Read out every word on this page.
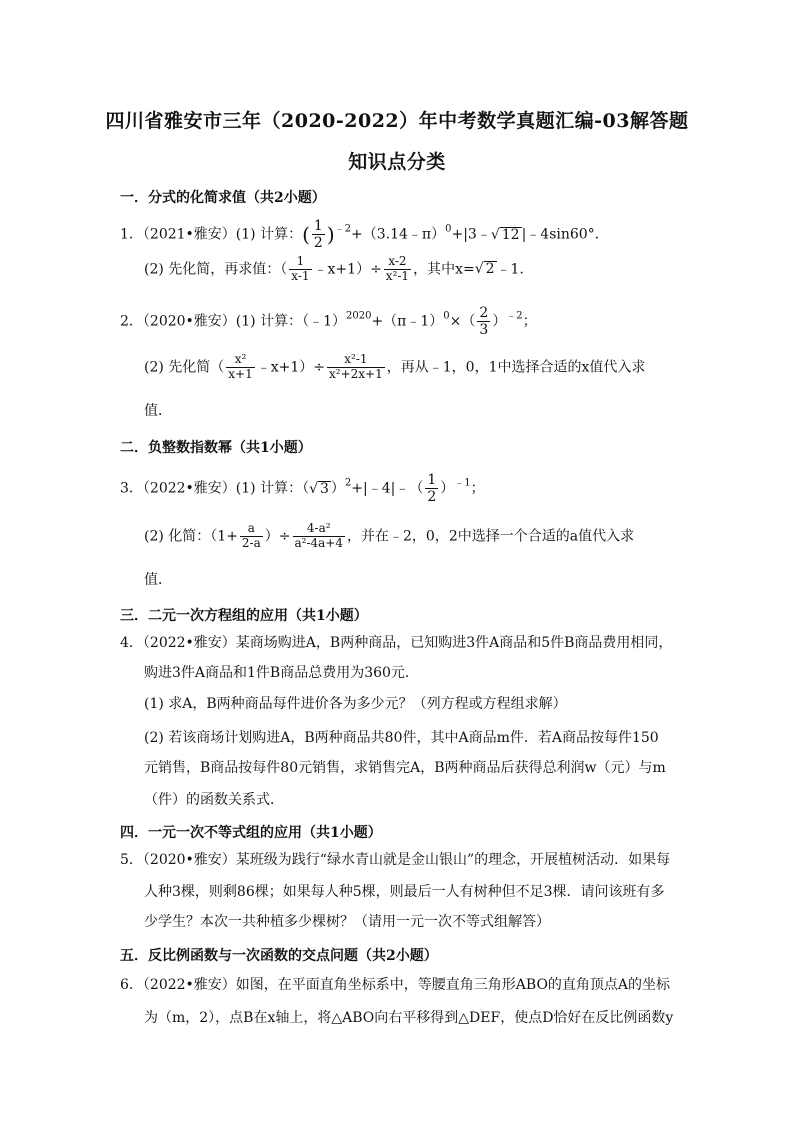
四川省雅安市三年（2020-2022）年中考数学真题汇编-03解答题
知识点分类
一．分式的化简求值（共2小题）
1．（2021•雅安）(1) 计算：( $\frac{1}{2}$ )$^{﹣2}$+（3.14﹣π）$^0$+|3﹣√ 12 |﹣4sin60°．
(2) 先化简，再求值：（ $\frac{1}{x-1}$ ﹣x+1）÷ $\frac{x-2}{\text{x²-1}}$ ，其中x=√ 2 ﹣1．
2．（2020•雅安）(1) 计算：（﹣1）$^{2020}$+（π﹣1）$^0$×（ $\frac{2}{3} )^{﹣2}$；
(2) 先化简（ $\frac{\text{x²}}{x+1}$ ﹣x+1）÷ $\frac{\text{x²-1}}{\text{x²+2x+1}}$ ，再从﹣1，0，1中选择合适的x值代入求
值．
二．负整数指数幂（共1小题）
3．（2022•雅安）(1) 计算：（√ 3 ）$^2$+|﹣4|﹣（ $\frac{1}{2} )^{﹣1}$；
(2) 化简：（$1+ \frac{a}{2-a}$ ）÷ $\frac{\text{4-a²}}{\text{a²-4a+4}}$ ，并在﹣2，0，2中选择一个合适的a值代入求
值．
三．二元一次方程组的应用（共1小题）
4．（2022•雅安）某商场购进A，B两种商品，已知购进3件A商品和5件B商品费用相同，
购进3件A商品和1件B商品总费用为360元．
(1) 求A，B两种商品每件进价各为多少元？（列方程或方程组求解）
(2) 若该商场计划购进A，B两种商品共80件，其中A商品m件．若A商品按每件150
元销售，B商品按每件80元销售，求销售完A，B两种商品后获得总利润w（元）与m
（件）的函数关系式．
四．一元一次不等式组的应用（共1小题）
5．（2020•雅安）某班级为践行“绿水青山就是金山银山”的理念，开展植树活动．如果每
人种3棵，则剩86棵；如果每人种5棵，则最后一人有树种但不足3棵．请问该班有多
少学生？本次一共种植多少棵树？（请用一元一次不等式组解答）
五．反比例函数与一次函数的交点问题（共2小题）
6．（2022•雅安）如图，在平面直角坐标系中，等腰直角三角形ABO的直角顶点A的坐标
为（m，2），点B在x轴上，将△ABO向右平移得到△DEF，使点D恰好在反比例函数y
